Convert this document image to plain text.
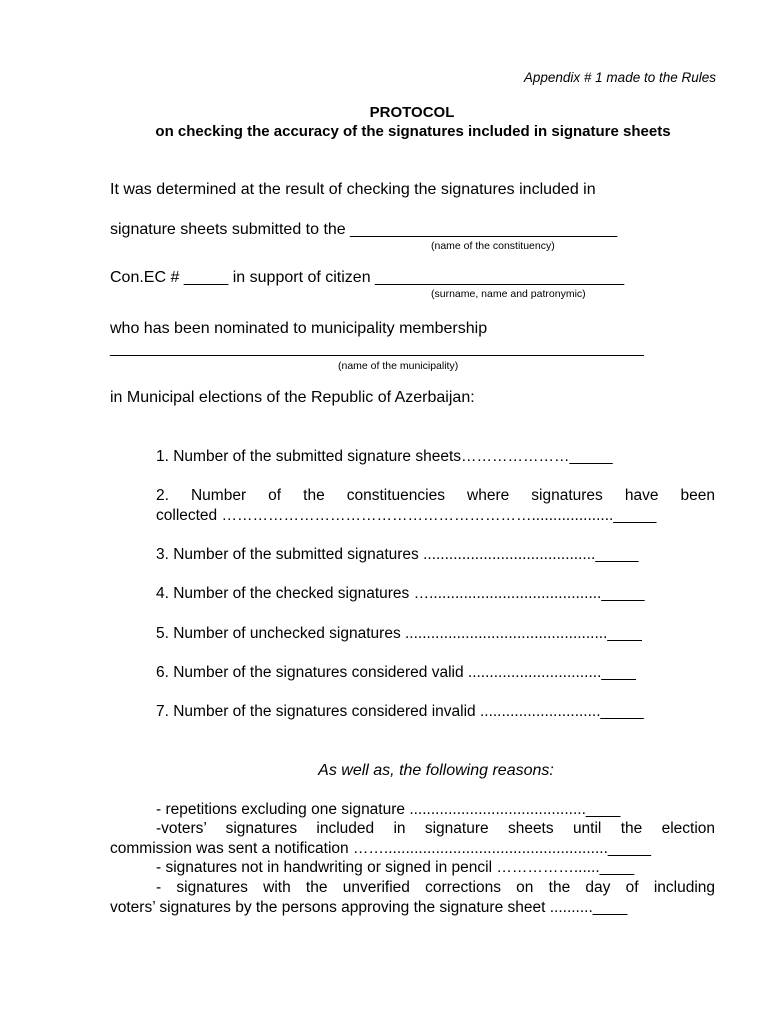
Appendix # 1 made to the Rules
PROTOCOL
on checking the accuracy of the signatures included in signature sheets
It was determined at the result of checking the signatures included in
signature sheets submitted to the ______________________________
(name of the constituency)
Con.EC # _____ in support of citizen ____________________________
(surname, name and patronymic)
who has been nominated to municipality membership
____________________________________________________________
(name of the municipality)
in Municipal elections of the Republic of Azerbaijan:
1. Number of the submitted signature sheets…………………_____
2. Number of the constituencies where signatures have been
collected ……………………………………………………..................._____
3. Number of the submitted signatures ........................................_____
4. Number of the checked signatures …........................................_____
5. Number of unchecked signatures ...............................................____
6. Number of the signatures considered valid ...............................____
7. Number of the signatures considered invalid ............................_____
As well as, the following reasons:
- repetitions excluding one signature .........................................____
-voters’ signatures included in signature sheets until the election
commission was sent a notification ……...................................................._____
- signatures not in handwriting or signed in pencil ……………......____
- signatures with the unverified corrections on the day of including
voters’ signatures by the persons approving the signature sheet ..........____
